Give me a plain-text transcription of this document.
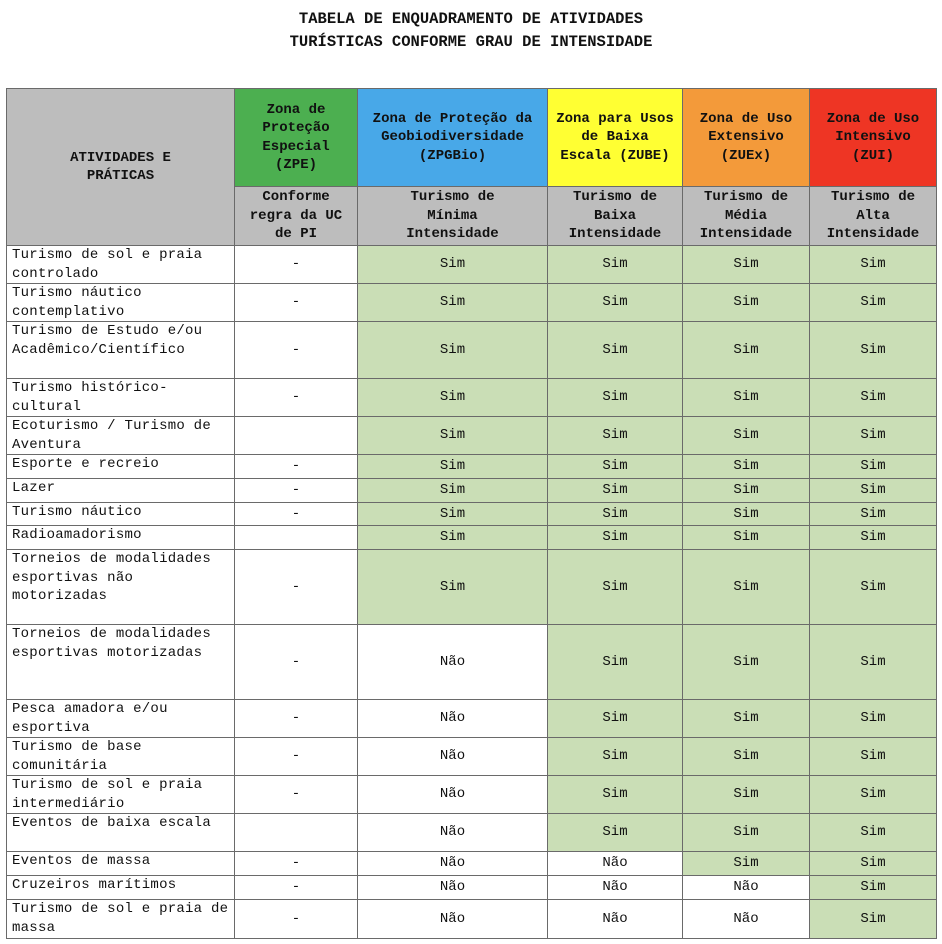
TABELA DE ENQUADRAMENTO DE ATIVIDADES
TURÍSTICAS CONFORME GRAU DE INTENSIDADE
ATIVIDADES E PRÁTICAS	Zona de Proteção Especial (ZPE)	Zona de Proteção da Geobiodiversidade (ZPGBio)	Zona para Usos de Baixa Escala (ZUBE)	Zona de Uso Extensivo (ZUEx)	Zona de Uso Intensivo (ZUI)
	Conforme regra da UC de PI	Turismo de Mínima Intensidade	Turismo de Baixa Intensidade	Turismo de Média Intensidade	Turismo de Alta Intensidade
Turismo de sol e praia controlado	-	Sim	Sim	Sim	Sim
Turismo náutico contemplativo	-	Sim	Sim	Sim	Sim
Turismo de Estudo e/ou Acadêmico/Científico	-	Sim	Sim	Sim	Sim
Turismo histórico-cultural	-	Sim	Sim	Sim	Sim
Ecoturismo / Turismo de Aventura		Sim	Sim	Sim	Sim
Esporte e recreio	-	Sim	Sim	Sim	Sim
Lazer	-	Sim	Sim	Sim	Sim
Turismo náutico	-	Sim	Sim	Sim	Sim
Radioamadorismo		Sim	Sim	Sim	Sim
Torneios de modalidades esportivas não motorizadas	-	Sim	Sim	Sim	Sim
Torneios de modalidades esportivas motorizadas	-	Não	Sim	Sim	Sim
Pesca amadora e/ou esportiva	-	Não	Sim	Sim	Sim
Turismo de base comunitária	-	Não	Sim	Sim	Sim
Turismo de sol e praia intermediário	-	Não	Sim	Sim	Sim
Eventos de baixa escala		Não	Sim	Sim	Sim
Eventos de massa	-	Não	Não	Sim	Sim
Cruzeiros marítimos	-	Não	Não	Não	Sim
Turismo de sol e praia de massa	-	Não	Não	Não	Sim
